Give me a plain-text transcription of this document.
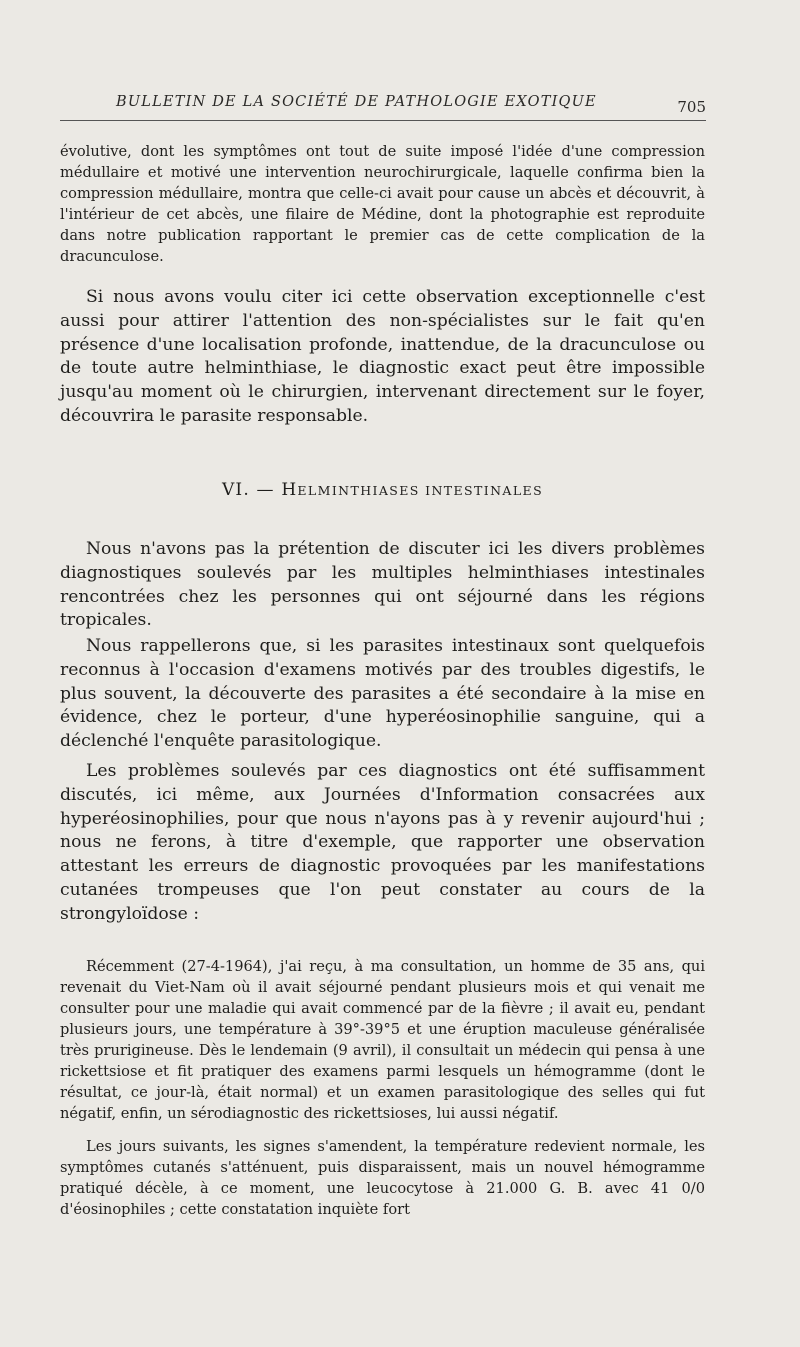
BULLETIN DE LA SOCIÉTÉ DE PATHOLOGIE EXOTIQUE	705

évolutive, dont les symptômes ont tout de suite imposé l'idée d'une compression médullaire et motivé une intervention neurochirurgicale, laquelle confirma bien la compression médullaire, montra que celle-ci avait pour cause un abcès et découvrit, à l'intérieur de cet abcès, une filaire de Médine, dont la photographie est reproduite dans notre publication rapportant le premier cas de cette complication de la dracunculose.

Si nous avons voulu citer ici cette observation exceptionnelle c'est aussi pour attirer l'attention des non-spécialistes sur le fait qu'en présence d'une localisation profonde, inattendue, de la dracunculose ou de toute autre helminthiase, le diagnostic exact peut être impossible jusqu'au moment où le chirurgien, intervenant directement sur le foyer, découvrira le parasite responsable.

VI. — HELMINTHIASES INTESTINALES

Nous n'avons pas la prétention de discuter ici les divers problèmes diagnostiques soulevés par les multiples helminthiases intestinales rencontrées chez les personnes qui ont séjourné dans les régions tropicales.

Nous rappellerons que, si les parasites intestinaux sont quelquefois reconnus à l'occasion d'examens motivés par des troubles digestifs, le plus souvent, la découverte des parasites a été secondaire à la mise en évidence, chez le porteur, d'une hyperéosinophilie sanguine, qui a déclenché l'enquête parasitologique.

Les problèmes soulevés par ces diagnostics ont été suffisamment discutés, ici même, aux Journées d'Information consacrées aux hyperéosinophilies, pour que nous n'ayons pas à y revenir aujourd'hui ; nous ne ferons, à titre d'exemple, que rapporter une observation attestant les erreurs de diagnostic provoquées par les manifestations cutanées trompeuses que l'on peut constater au cours de la strongyloïdose :

Récemment (27-4-1964), j'ai reçu, à ma consultation, un homme de 35 ans, qui revenait du Viet-Nam où il avait séjourné pendant plusieurs mois et qui venait me consulter pour une maladie qui avait commencé par de la fièvre ; il avait eu, pendant plusieurs jours, une température à 39°-39°5 et une éruption maculeuse généralisée très prurigineuse. Dès le lendemain (9 avril), il consultait un médecin qui pensa à une rickettsiose et fit pratiquer des examens parmi lesquels un hémogramme (dont le résultat, ce jour-là, était normal) et un examen parasitologique des selles qui fut négatif, enfin, un sérodiagnostic des rickettsioses, lui aussi négatif.

Les jours suivants, les signes s'amendent, la température redevient normale, les symptômes cutanés s'atténuent, puis disparaissent, mais un nouvel hémogramme pratiqué décèle, à ce moment, une leucocytose à 21.000 G. B. avec 41 0/0 d'éosinophiles ; cette constatation inquiète fort
